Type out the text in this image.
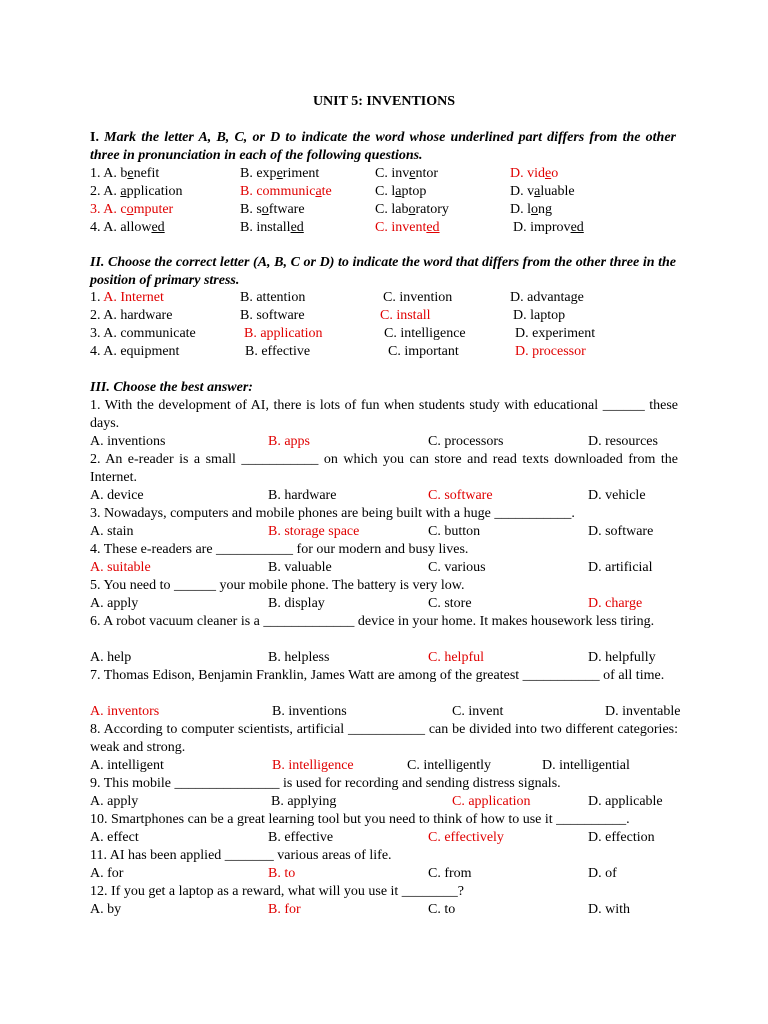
UNIT 5: INVENTIONS
I. Mark the letter A, B, C, or D to indicate the word whose underlined part differs from the other three in pronunciation in each of the following questions.
1. A. benefit	B. experiment	C. inventor	D. video
2. A. application	B. communicate	C. laptop	D. valuable
3. A. computer	B. software	C. laboratory	D. long
4. A. allowed	B. installed	C. invented	D. improved
II. Choose the correct letter (A, B, C or D) to indicate the word that differs from the other three in the position of primary stress.
1. A. Internet	B. attention	C. invention	D. advantage
2. A. hardware	B. software	C. install	D. laptop
3. A. communicate	B. application	C. intelligence	D. experiment
4. A. equipment	B. effective	C. important	D. processor
III. Choose the best answer:
1. With the development of AI, there is lots of fun when students study with educational ______ these days.
A. inventions	B. apps	C. processors	D. resources
2. An e-reader is a small ___________ on which you can store and read texts downloaded from the Internet.
A. device	B. hardware	C. software	D. vehicle
3. Nowadays, computers and mobile phones are being built with a huge ___________.
A. stain	B. storage space	C. button	D. software
4. These e-readers are ___________ for our modern and busy lives.
A. suitable	B. valuable	C. various	D. artificial
5. You need to ______ your mobile phone. The battery is very low.
A. apply	B. display	C. store	D. charge
6. A robot vacuum cleaner is a _____________ device in your home. It makes housework less tiring.
A. help	B. helpless	C. helpful	D. helpfully
7. Thomas Edison, Benjamin Franklin, James Watt are among of the greatest ___________ of all time.
A. inventors	B. inventions	C. invent	D. inventable
8. According to computer scientists, artificial ___________ can be divided into two different categories: weak and strong.
A. intelligent	B. intelligence	C. intelligently	D. intelligential
9. This mobile _______________ is used for recording and sending distress signals.
A. apply	B. applying	C. application	D. applicable
10. Smartphones can be a great learning tool but you need to think of how to use it __________.
A. effect	B. effective	C. effectively	D. effection
11. AI has been applied _______ various areas of life.
A. for	B. to	C. from	D. of
12. If you get a laptop as a reward, what will you use it ________?
A. by	B. for	C. to	D. with
